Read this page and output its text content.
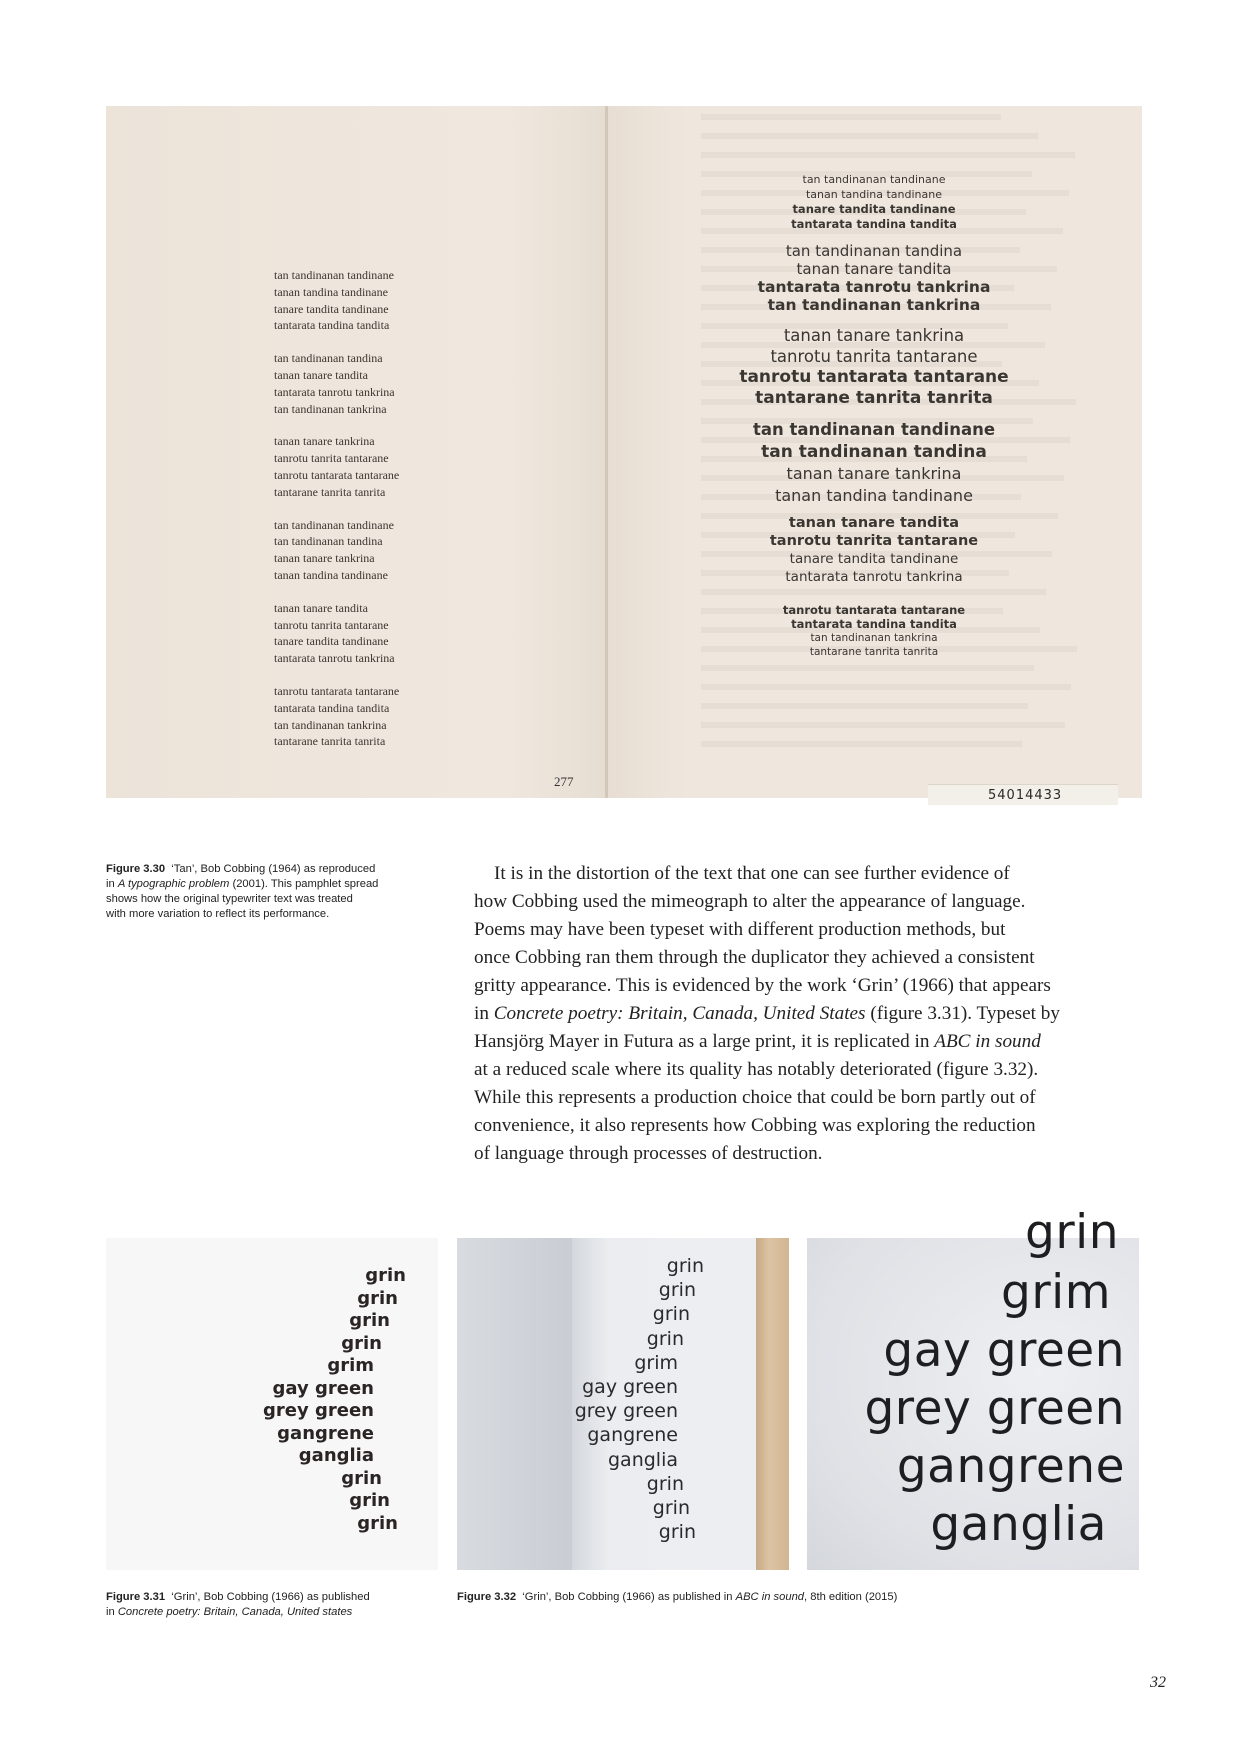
tan tandinanan tandinane
tanan tandina tandinane
tanare tandita tandinane
tantarata tandina tandita
tan tandinanan tandina
tanan tanare tandita
tantarata tanrotu tankrina
tan tandinanan tankrina
tanan tanare tankrina
tanrotu tanrita tantarane
tanrotu tantarata tantarane
tantarane tanrita tanrita
tan tandinanan tandinane
tan tandinanan tandina
tanan tanare tankrina
tanan tandina tandinane
tanan tanare tandita
tanrotu tanrita tantarane
tanare tandita tandinane
tantarata tanrotu tankrina
tanrotu tantarata tantarane
tantarata tandina tandita
tan tandinanan tankrina
tantarane tanrita tanrita
277
54014433
tan tandinanan tandinane
tanan tandina tandinane
tanare tandita tandinane
tantarata tandina tandita
tan tandinanan tandina
tanan tanare tandita
tantarata tanrotu tankrina
tan tandinanan tankrina
tanan tanare tankrina
tanrotu tanrita tantarane
tanrotu tantarata tantarane
tantarane tanrita tanrita
tan tandinanan tandinane
tan tandinanan tandina
tanan tanare tankrina
tanan tandina tandinane
tanan tanare tandita
tanrotu tanrita tantarane
tanare tandita tandinane
tantarata tanrotu tankrina
tanrotu tantarata tantarane
tantarata tandina tandita
tan tandinanan tankrina
tantarane tanrita tanrita
Figure 3.30 ‘Tan’, Bob Cobbing (1964) as reproduced
in A typographic problem (2001). This pamphlet spread
shows how the original typewriter text was treated
with more variation to reflect its performance.
It is in the distortion of the text that one can see further evidence of
how Cobbing used the mimeograph to alter the appearance of language.
Poems may have been typeset with different production methods, but
once Cobbing ran them through the duplicator they achieved a consistent
gritty appearance. This is evidenced by the work ‘Grin’ (1966) that appears
in Concrete poetry: Britain, Canada, United States (figure 3.31). Typeset by
Hansjörg Mayer in Futura as a large print, it is replicated in ABC in sound
at a reduced scale where its quality has notably deteriorated (figure 3.32).
While this represents a production choice that could be born partly out of
convenience, it also represents how Cobbing was exploring the reduction
of language through processes of destruction.
grin
grin
grin
grin
grim
gay green
grey green
gangrene
ganglia
grin
grin
grin
grin
grin
grin
grin
grim
gay green
grey green
gangrene
ganglia
grin
grin
grin
grin
grim
gay green
grey green
gangrene
ganglia
Figure 3.31 ‘Grin’, Bob Cobbing (1966) as published
in Concrete poetry: Britain, Canada, United states
Figure 3.32 ‘Grin’, Bob Cobbing (1966) as published in ABC in sound, 8th edition (2015)
32
